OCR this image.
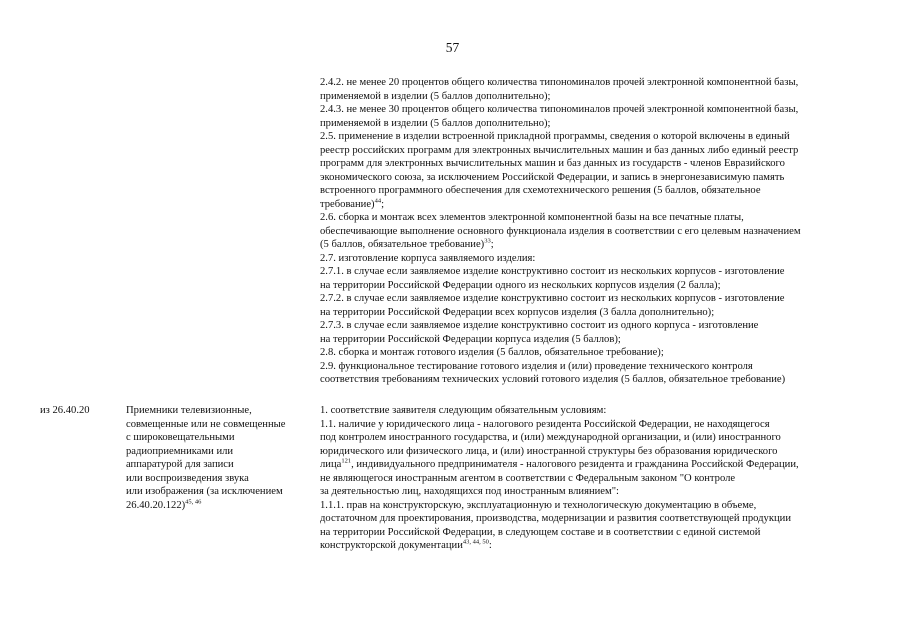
57
2.4.2. не менее 20 процентов общего количества типономиналов прочей электронной компонентной базы,
применяемой в изделии (5 баллов дополнительно);
2.4.3. не менее 30 процентов общего количества типономиналов прочей электронной компонентной базы,
применяемой в изделии (5 баллов дополнительно);
2.5. применение в изделии встроенной прикладной программы, сведения о которой включены в единый
реестр российских программ для электронных вычислительных машин и баз данных либо единый реестр
программ для электронных вычислительных машин и баз данных из государств - членов Евразийского
экономического союза, за исключением Российской Федерации, и запись в энергонезависимую память
встроенного программного обеспечения для схемотехнического решения (5 баллов, обязательное
требование)$^{44}$;
2.6. сборка и монтаж всех элементов электронной компонентной базы на все печатные платы,
обеспечивающие выполнение основного функционала изделия в соответствии с его целевым назначением
(5 баллов, обязательное требование)$^{33}$;
2.7. изготовление корпуса заявляемого изделия:
2.7.1. в случае если заявляемое изделие конструктивно состоит из нескольких корпусов - изготовление
на территории Российской Федерации одного из нескольких корпусов изделия (2 балла);
2.7.2. в случае если заявляемое изделие конструктивно состоит из нескольких корпусов - изготовление
на территории Российской Федерации всех корпусов изделия (3 балла дополнительно);
2.7.3. в случае если заявляемое изделие конструктивно состоит из одного корпуса - изготовление
на территории Российской Федерации корпуса изделия (5 баллов);
2.8. сборка и монтаж готового изделия (5 баллов, обязательное требование);
2.9. функциональное тестирование готового изделия и (или) проведение технического контроля
соответствия требованиям технических условий готового изделия (5 баллов, обязательное требование)
из 26.40.20	Приемники телевизионные,
совмещенные или не совмещенные
с широковещательными
радиоприемниками или
аппаратурой для записи
или воспроизведения звука
или изображения (за исключением
26.40.20.122)$^{45, 46}$
1. соответствие заявителя следующим обязательным условиям:
1.1. наличие у юридического лица - налогового резидента Российской Федерации, не находящегося
под контролем иностранного государства, и (или) международной организации, и (или) иностранного
юридического или физического лица, и (или) иностранной структуры без образования юридического
лица$^{121}$, индивидуального предпринимателя - налогового резидента и гражданина Российской Федерации,
не являющегося иностранным агентом в соответствии с Федеральным законом "О контроле
за деятельностью лиц, находящихся под иностранным влиянием":
1.1.1. прав на конструкторскую, эксплуатационную и технологическую документацию в объеме,
достаточном для проектирования, производства, модернизации и развития соответствующей продукции
на территории Российской Федерации, в следующем составе и в соответствии с единой системой
конструкторской документации$^{43, 44, 50}$:
